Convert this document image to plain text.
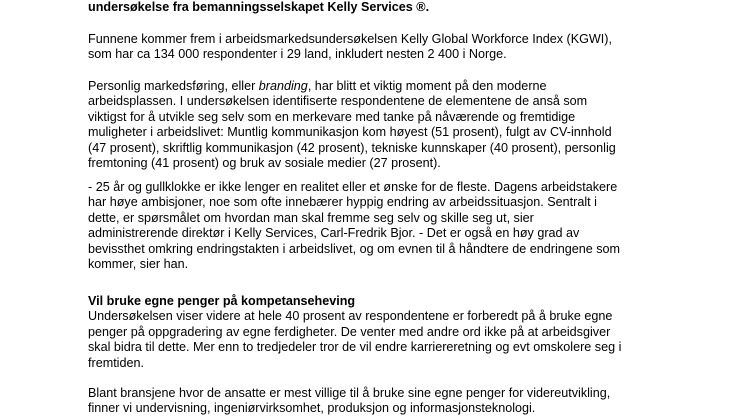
undersøkelse fra bemanningsselskapet Kelly Services ®.
Funnene kommer frem i arbeidsmarkedsundersøkelsen Kelly Global Workforce Index (KGWI),
som har ca 134 000 respondenter i 29 land, inkludert nesten 2 400 i Norge.
Personlig markedsføring, eller branding, har blitt et viktig moment på den moderne
arbeidsplassen. I undersøkelsen identifiserte respondentene de elementene de anså som
viktigst for å utvikle seg selv som en merkevare med tanke på nåværende og fremtidige
muligheter i arbeidslivet: Muntlig kommunikasjon kom høyest (51 prosent), fulgt av CV-innhold
(47 prosent), skriftlig kommunikasjon (42 prosent), tekniske kunnskaper (40 prosent), personlig
fremtoning (41 prosent) og bruk av sosiale medier (27 prosent).
- 25 år og gullklokke er ikke lenger en realitet eller et ønske for de fleste. Dagens arbeidstakere
har høye ambisjoner, noe som ofte innebærer hyppig endring av arbeidssituasjon. Sentralt i
dette, er spørsmålet om hvordan man skal fremme seg selv og skille seg ut, sier
administrerende direktør i Kelly Services, Carl-Fredrik Bjor. - Det er også en høy grad av
bevissthet omkring endringstakten i arbeidslivet, og om evnen til å håndtere de endringene som
kommer, sier han.
Vil bruke egne penger på kompetanseheving
Undersøkelsen viser videre at hele 40 prosent av respondentene er forberedt på å bruke egne
penger på oppgradering av egne ferdigheter. De venter med andre ord ikke på at arbeidsgiver
skal bidra til dette. Mer enn to tredjedeler tror de vil endre karriereretning og evt omskolere seg i
fremtiden.
Blant bransjene hvor de ansatte er mest villige til å bruke sine egne penger for videreutvikling,
finner vi undervisning, ingeniørvirksomhet, produksjon og informasjonsteknologi.
